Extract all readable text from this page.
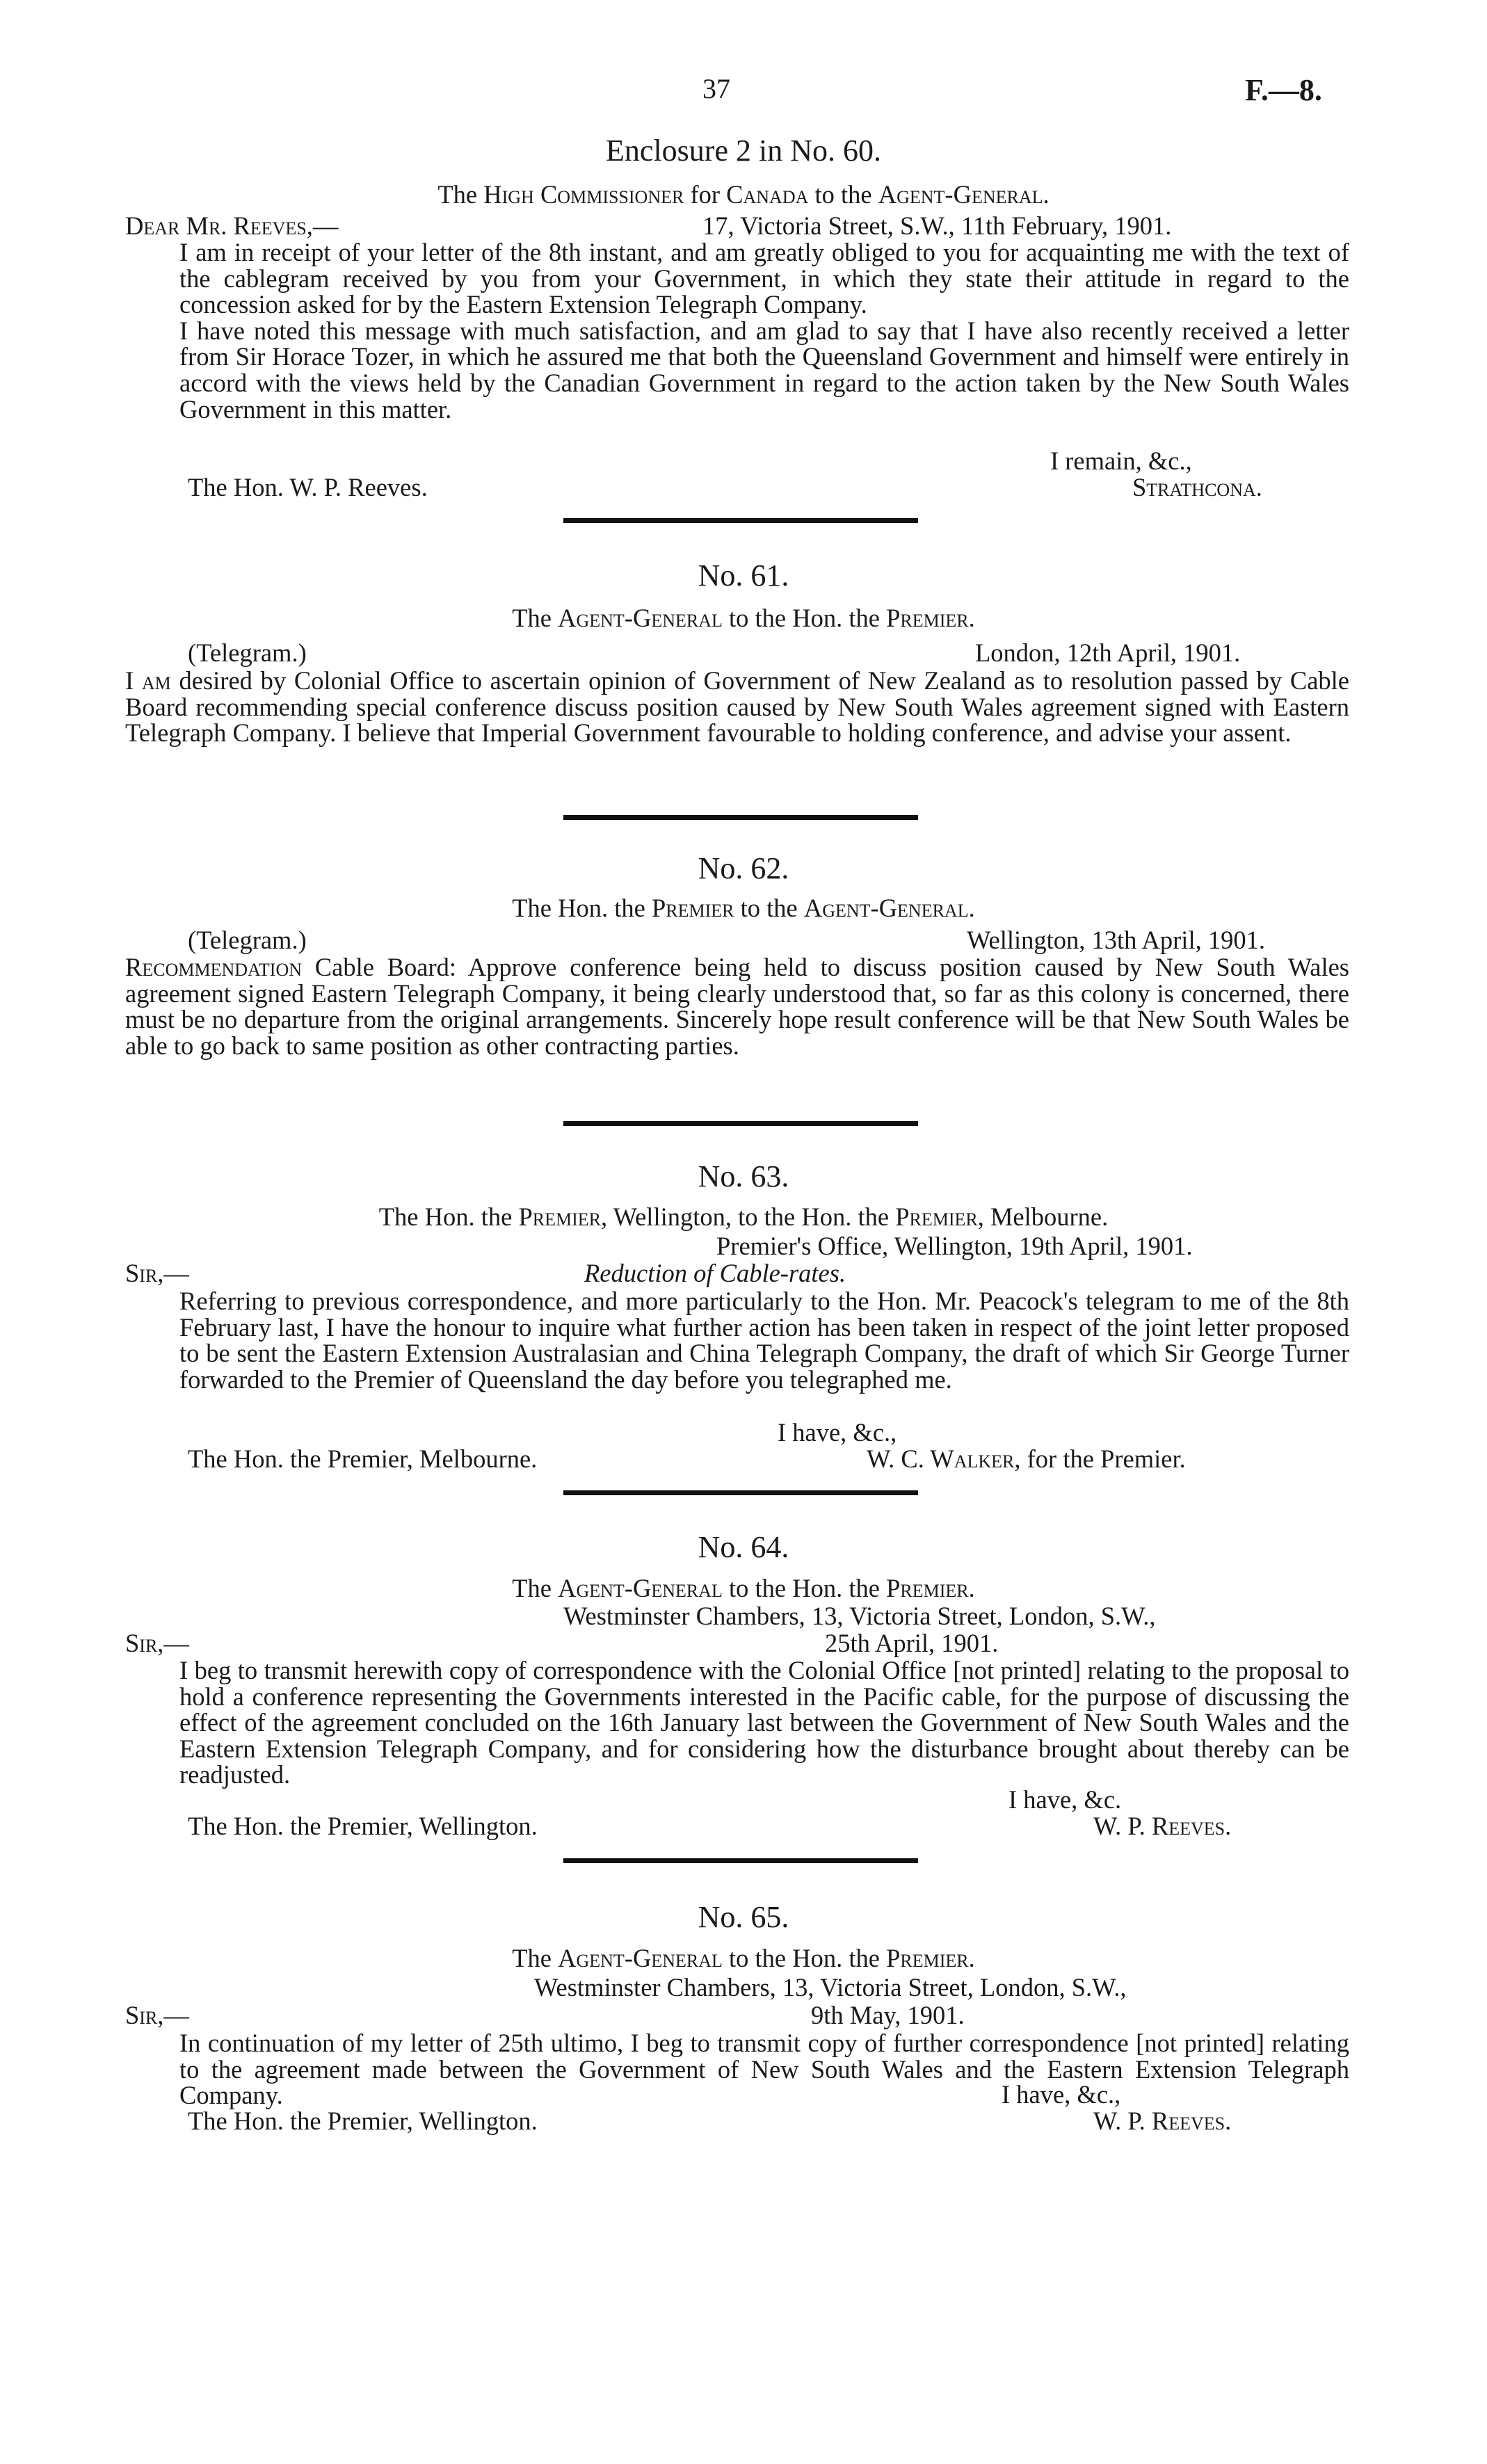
37	F.—8.
Enclosure 2 in No. 60.
The High Commissioner for Canada to the Agent-General.
Dear Mr. Reeves,—	17, Victoria Street, S.W., 11th February, 1901.
I am in receipt of your letter of the 8th instant, and am greatly obliged to you for acquainting me with the text of the cablegram received by you from your Government, in which they state their attitude in regard to the concession asked for by the Eastern Extension Telegraph Company.
I have noted this message with much satisfaction, and am glad to say that I have also recently received a letter from Sir Horace Tozer, in which he assured me that both the Queensland Government and himself were entirely in accord with the views held by the Canadian Government in regard to the action taken by the New South Wales Government in this matter.
I remain, &c.,
The Hon. W. P. Reeves.	Strathcona.
No. 61.
The Agent-General to the Hon. the Premier.
(Telegram.)	London, 12th April, 1901.
I am desired by Colonial Office to ascertain opinion of Government of New Zealand as to resolution passed by Cable Board recommending special conference discuss position caused by New South Wales agreement signed with Eastern Telegraph Company. I believe that Imperial Government favourable to holding conference, and advise your assent.
No. 62.
The Hon. the Premier to the Agent-General.
(Telegram.)	Wellington, 13th April, 1901.
Recommendation Cable Board: Approve conference being held to discuss position caused by New South Wales agreement signed Eastern Telegraph Company, it being clearly understood that, so far as this colony is concerned, there must be no departure from the original arrangements. Sincerely hope result conference will be that New South Wales be able to go back to same position as other contracting parties.
No. 63.
The Hon. the Premier, Wellington, to the Hon. the Premier, Melbourne.
Premier's Office, Wellington, 19th April, 1901.
Sir,—	Reduction of Cable-rates.
Referring to previous correspondence, and more particularly to the Hon. Mr. Peacock's telegram to me of the 8th February last, I have the honour to inquire what further action has been taken in respect of the joint letter proposed to be sent the Eastern Extension Australasian and China Telegraph Company, the draft of which Sir George Turner forwarded to the Premier of Queensland the day before you telegraphed me.
I have, &c.,
The Hon. the Premier, Melbourne.	W. C. Walker, for the Premier.
No. 64.
The Agent-General to the Hon. the Premier.
Westminster Chambers, 13, Victoria Street, London, S.W.,
Sir,—	25th April, 1901.
I beg to transmit herewith copy of correspondence with the Colonial Office [not printed] relating to the proposal to hold a conference representing the Governments interested in the Pacific cable, for the purpose of discussing the effect of the agreement concluded on the 16th January last between the Government of New South Wales and the Eastern Extension Telegraph Company, and for considering how the disturbance brought about thereby can be readjusted.
I have, &c.
The Hon. the Premier, Wellington.	W. P. Reeves.
No. 65.
The Agent-General to the Hon. the Premier.
Westminster Chambers, 13, Victoria Street, London, S.W.,
Sir,—	9th May, 1901.
In continuation of my letter of 25th ultimo, I beg to transmit copy of further correspondence [not printed] relating to the agreement made between the Government of New South Wales and the Eastern Extension Telegraph Company.	I have, &c.,
The Hon. the Premier, Wellington.	W. P. Reeves.
